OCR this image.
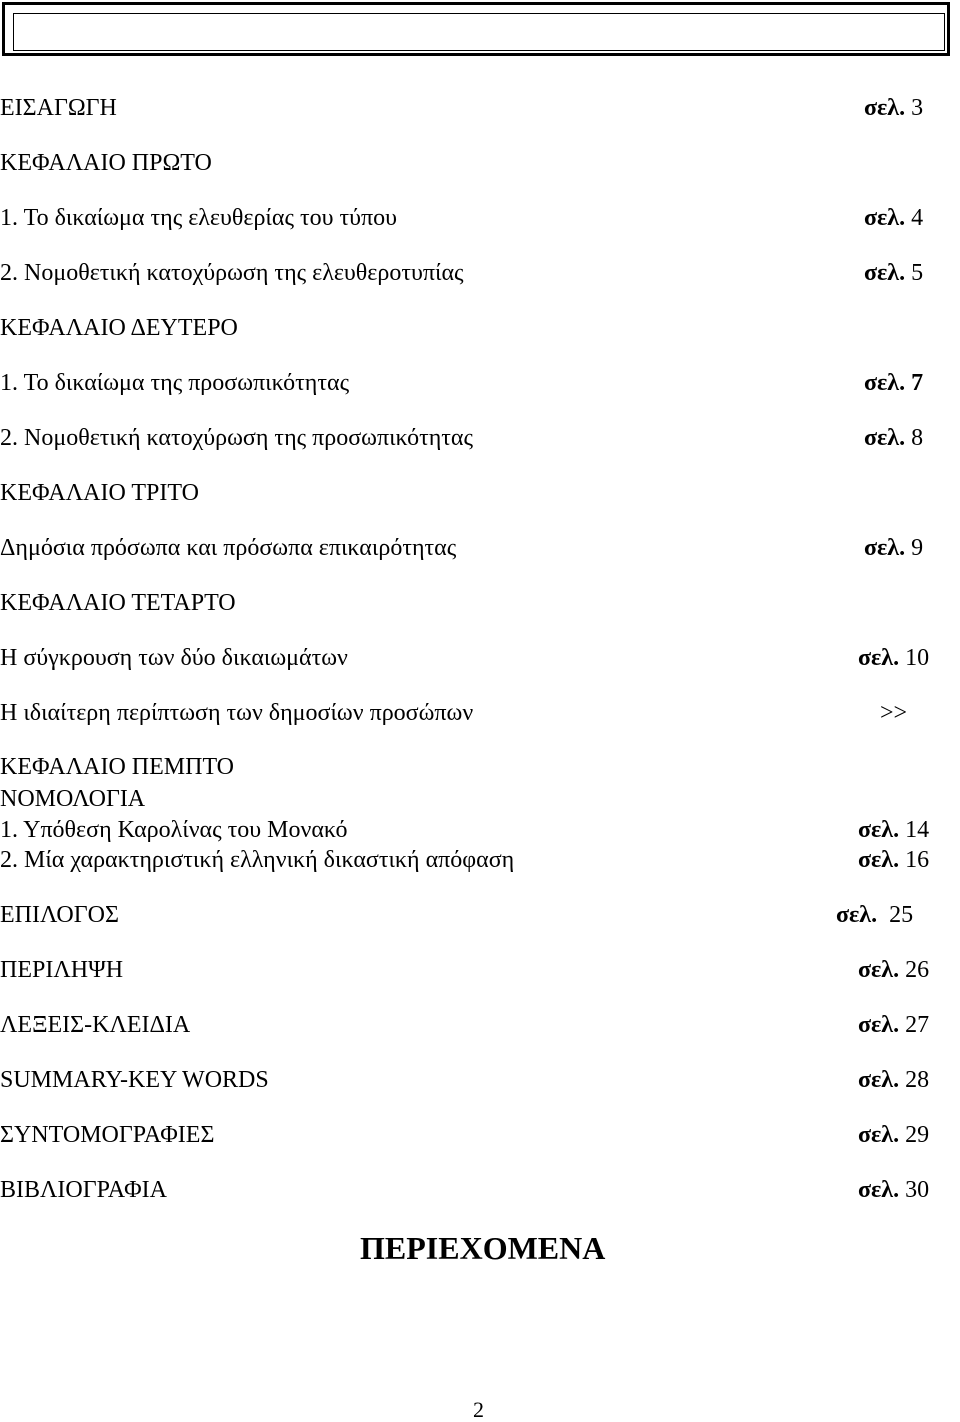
ΕΙΣΑΓΩΓΗ	σελ. 3
ΚΕΦΑΛΑΙΟ ΠΡΩΤΟ
1. Το δικαίωμα της ελευθερίας του τύπου	σελ. 4
2. Νομοθετική κατοχύρωση της ελευθεροτυπίας	σελ. 5
ΚΕΦΑΛΑΙΟ ΔΕΥΤΕΡΟ
1. Το δικαίωμα της προσωπικότητας	σελ. 7
2. Νομοθετική κατοχύρωση της προσωπικότητας	σελ. 8
ΚΕΦΑΛΑΙΟ ΤΡΙΤΟ
Δημόσια πρόσωπα και πρόσωπα επικαιρότητας	σελ. 9
ΚΕΦΑΛΑΙΟ ΤΕΤΑΡΤΟ
Η σύγκρουση των δύο δικαιωμάτων	σελ. 10
Η ιδιαίτερη περίπτωση των δημοσίων προσώπων	>>
ΚΕΦΑΛΑΙΟ ΠΕΜΠΤΟ
ΝΟΜΟΛΟΓΙΑ
1. Υπόθεση Καρολίνας του Μονακό	σελ. 14
2. Μία χαρακτηριστική ελληνική δικαστική απόφαση	σελ. 16
ΕΠΙΛΟΓΟΣ	σελ. 25
ΠΕΡΙΛΗΨΗ	σελ. 26
ΛΕΞΕΙΣ-ΚΛΕΙΔΙΑ	σελ. 27
SUMMARY-KEY WORDS	σελ. 28
ΣΥΝΤΟΜΟΓΡΑΦΙΕΣ	σελ. 29
ΒΙΒΛΙΟΓΡΑΦΙΑ	σελ. 30
ΠΕΡΙΕΧΟΜΕΝΑ
2
